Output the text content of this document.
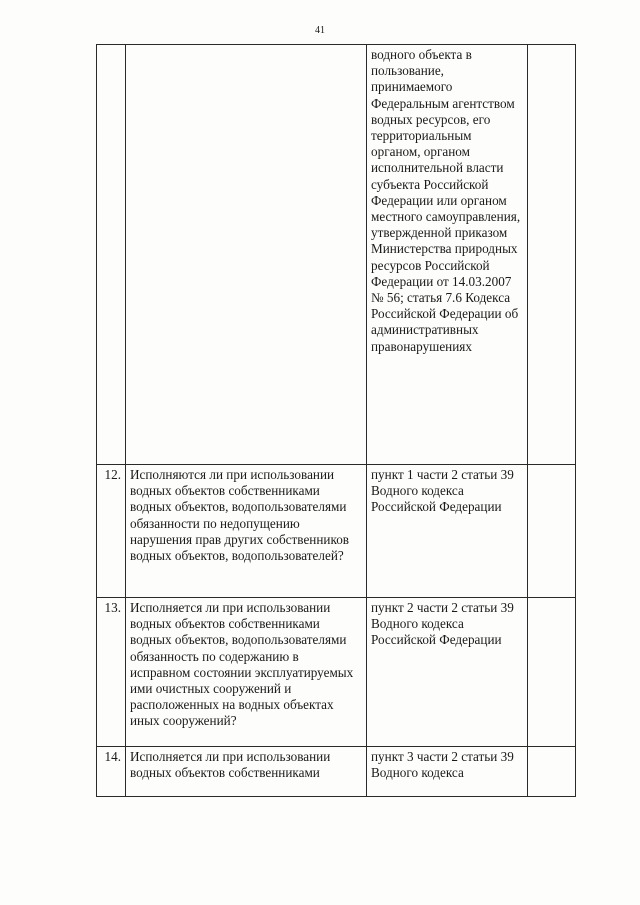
41
		водного объекта в пользование, принимаемого Федеральным агентством водных ресурсов, его территориальным органом, органом исполнительной власти субъекта Российской Федерации или органом местного самоуправления, утвержденной приказом Министерства природных ресурсов Российской Федерации от 14.03.2007 № 56; статья 7.6 Кодекса Российской Федерации об административных правонарушениях	
12.	Исполняются ли при использовании водных объектов собственниками водных объектов, водопользователями обязанности по недопущению нарушения прав других собственников водных объектов, водопользователей?	пункт 1 части 2 статьи 39 Водного кодекса Российской Федерации	
13.	Исполняется ли при использовании водных объектов собственниками водных объектов, водопользователями обязанность по содержанию в исправном состоянии эксплуатируемых ими очистных сооружений и расположенных на водных объектах иных сооружений?	пункт 2 части 2 статьи 39 Водного кодекса Российской Федерации	
14.	Исполняется ли при использовании водных объектов собственниками	пункт 3 части 2 статьи 39 Водного кодекса	
